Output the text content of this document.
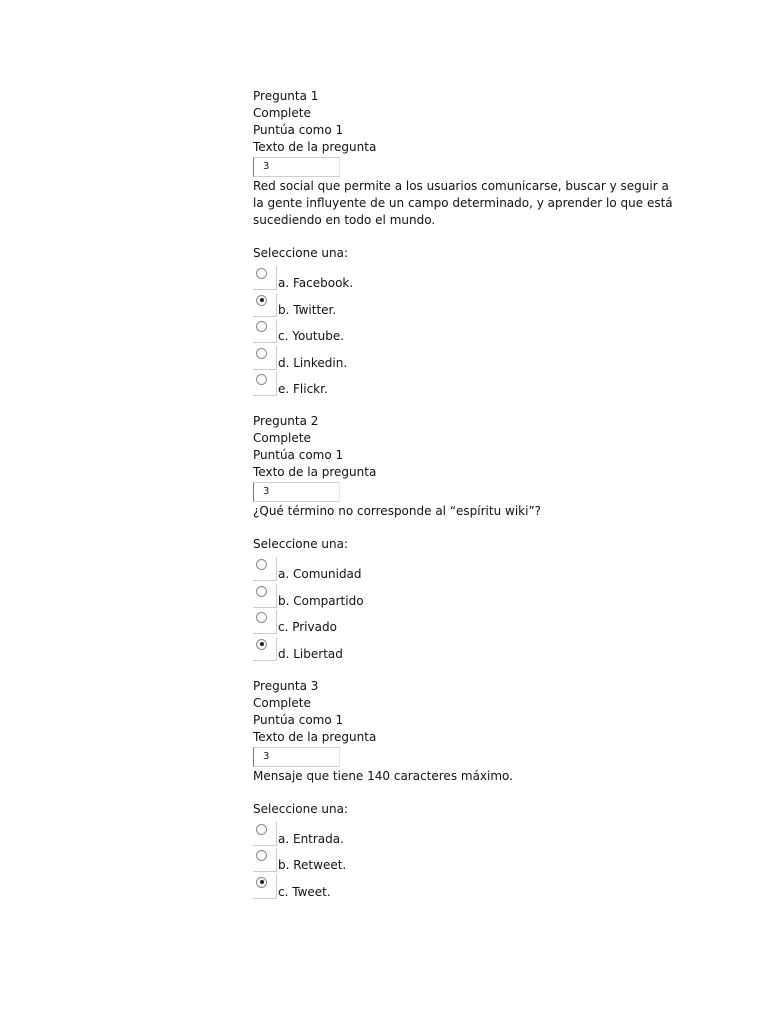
Pregunta 1
Complete
Puntúa como 1
Texto de la pregunta
3
Red social que permite a los usuarios comunicarse, buscar y seguir a la gente influyente de un campo determinado, y aprender lo que está sucediendo en todo el mundo.
Seleccione una:
a. Facebook.
b. Twitter.
c. Youtube.
d. Linkedin.
e. Flickr.
Pregunta 2
Complete
Puntúa como 1
Texto de la pregunta
3
¿Qué término no corresponde al “espíritu wiki”?
Seleccione una:
a. Comunidad
b. Compartido
c. Privado
d. Libertad
Pregunta 3
Complete
Puntúa como 1
Texto de la pregunta
3
Mensaje que tiene 140 caracteres máximo.
Seleccione una:
a. Entrada.
b. Retweet.
c. Tweet.
